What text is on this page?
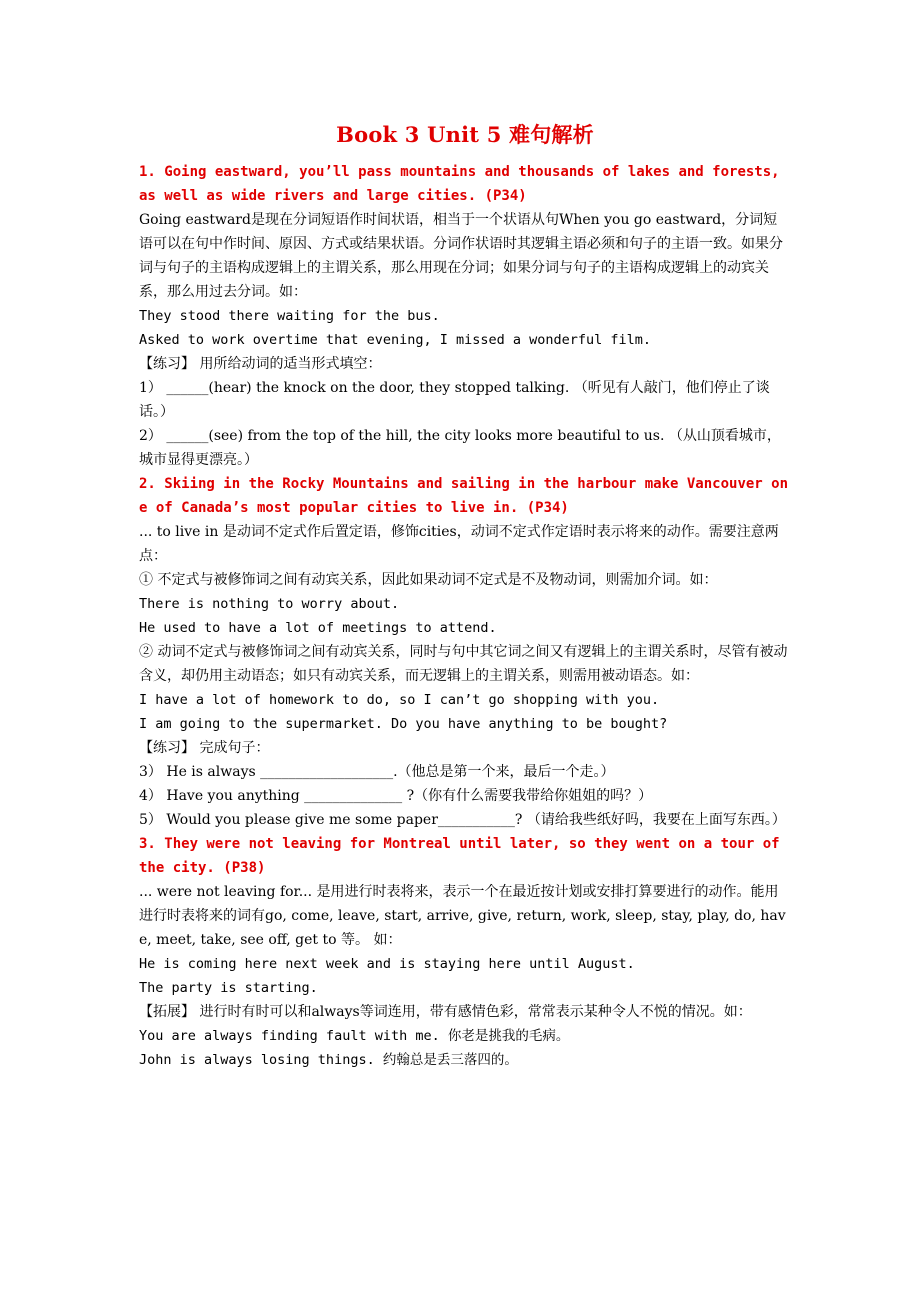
Book 3 Unit 5 难句解析
1. Going eastward, you’ll pass mountains and thousands of lakes and forests, as well as wide rivers and large cities. (P34)
Going eastward是现在分词短语作时间状语，相当于一个状语从句When you go eastward，分词短语可以在句中作时间、原因、方式或结果状语。分词作状语时其逻辑主语必须和句子的主语一致。如果分词与句子的主语构成逻辑上的主谓关系，那么用现在分词；如果分词与句子的主语构成逻辑上的动宾关系，那么用过去分词。如：
They stood there waiting for the bus.
Asked to work overtime that evening, I missed a wonderful film.
【练习】 用所给动词的适当形式填空：
1） ______(hear) the knock on the door, they stopped talking. （听见有人敲门，他们停止了谈话。）
2） ______(see) from the top of the hill, the city looks more beautiful to us. （从山顶看城市，城市显得更漂亮。）
2. Skiing in the Rocky Mountains and sailing in the harbour make Vancouver one of Canada’s most popular cities to live in. (P34)
... to live in 是动词不定式作后置定语，修饰cities，动词不定式作定语时表示将来的动作。需要注意两点：
① 不定式与被修饰词之间有动宾关系，因此如果动词不定式是不及物动词，则需加介词。如：
There is nothing to worry about.
He used to have a lot of meetings to attend.
② 动词不定式与被修饰词之间有动宾关系，同时与句中其它词之间又有逻辑上的主谓关系时，尽管有被动含义，却仍用主动语态；如只有动宾关系，而无逻辑上的主谓关系，则需用被动语态。如：
I have a lot of homework to do, so I can’t go shopping with you.
I am going to the supermarket. Do you have anything to be bought?
【练习】 完成句子：
3） He is always ___________________.（他总是第一个来，最后一个走。）
4） Have you anything ______________ ?（你有什么需要我带给你姐姐的吗？）
5） Would you please give me some paper___________? （请给我些纸好吗，我要在上面写东西。）
3. They were not leaving for Montreal until later, so they went on a tour of the city. (P38)
... were not leaving for... 是用进行时表将来，表示一个在最近按计划或安排打算要进行的动作。能用进行时表将来的词有go, come, leave, start, arrive, give, return, work, sleep, stay, play, do, have, meet, take, see off, get to 等。 如：
He is coming here next week and is staying here until August.
The party is starting.
【拓展】 进行时有时可以和always等词连用，带有感情色彩，常常表示某种令人不悦的情况。如：
You are always finding fault with me. 你老是挑我的毛病。
John is always losing things. 约翰总是丢三落四的。
